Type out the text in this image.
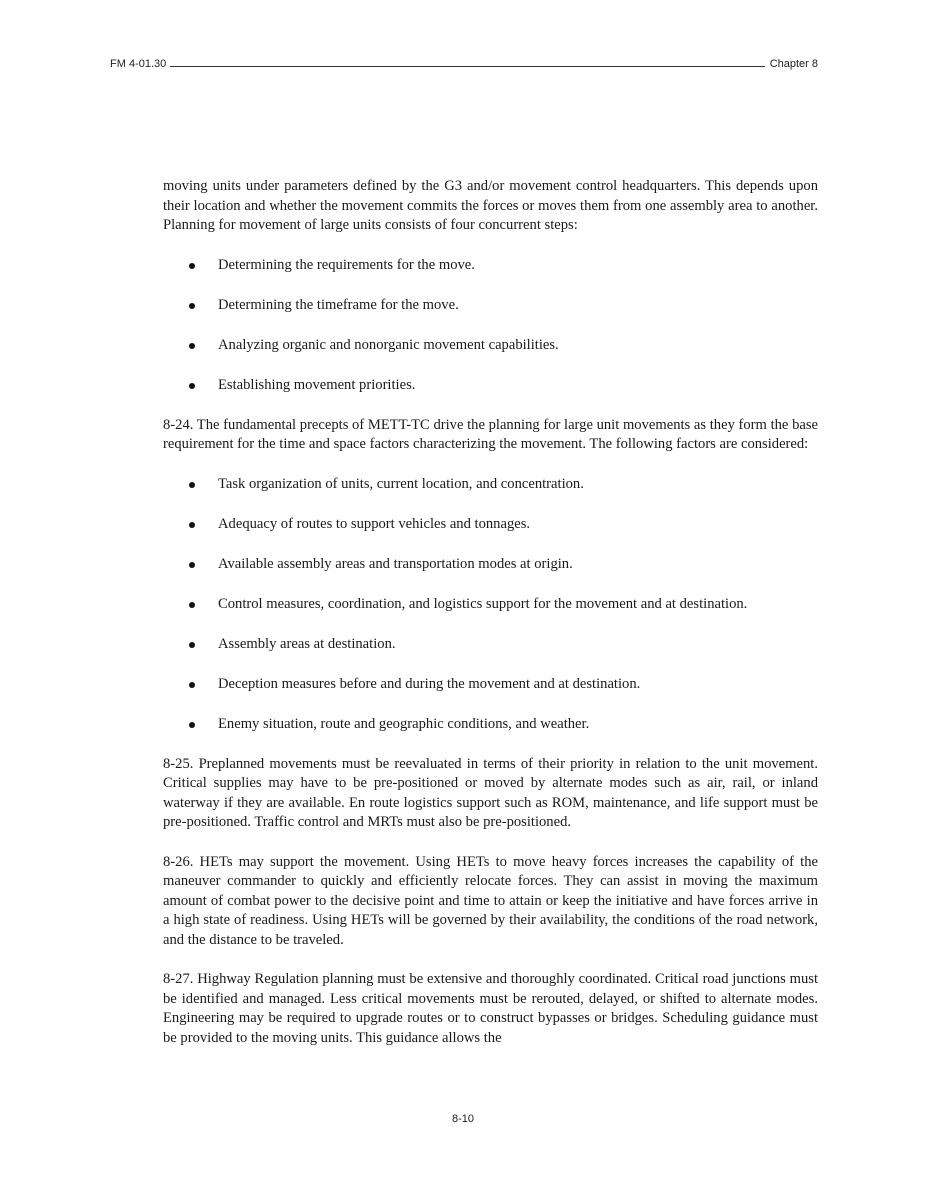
FM 4-01.30	Chapter 8

moving units under parameters defined by the G3 and/or movement control headquarters. This depends upon their location and whether the movement commits the forces or moves them from one assembly area to another. Planning for movement of large units consists of four concurrent steps:

Determining the requirements for the move.
Determining the timeframe for the move.
Analyzing organic and nonorganic movement capabilities.
Establishing movement priorities.

8-24. The fundamental precepts of METT-TC drive the planning for large unit movements as they form the base requirement for the time and space factors characterizing the movement. The following factors are considered:

Task organization of units, current location, and concentration.
Adequacy of routes to support vehicles and tonnages.
Available assembly areas and transportation modes at origin.
Control measures, coordination, and logistics support for the movement and at destination.
Assembly areas at destination.
Deception measures before and during the movement and at destination.
Enemy situation, route and geographic conditions, and weather.

8-25. Preplanned movements must be reevaluated in terms of their priority in relation to the unit movement. Critical supplies may have to be pre-positioned or moved by alternate modes such as air, rail, or inland waterway if they are available. En route logistics support such as ROM, maintenance, and life support must be pre-positioned. Traffic control and MRTs must also be pre-positioned.

8-26. HETs may support the movement. Using HETs to move heavy forces increases the capability of the maneuver commander to quickly and efficiently relocate forces. They can assist in moving the maximum amount of combat power to the decisive point and time to attain or keep the initiative and have forces arrive in a high state of readiness. Using HETs will be governed by their availability, the conditions of the road network, and the distance to be traveled.

8-27. Highway Regulation planning must be extensive and thoroughly coordinated. Critical road junctions must be identified and managed. Less critical movements must be rerouted, delayed, or shifted to alternate modes. Engineering may be required to upgrade routes or to construct bypasses or bridges. Scheduling guidance must be provided to the moving units. This guidance allows the

8-10
